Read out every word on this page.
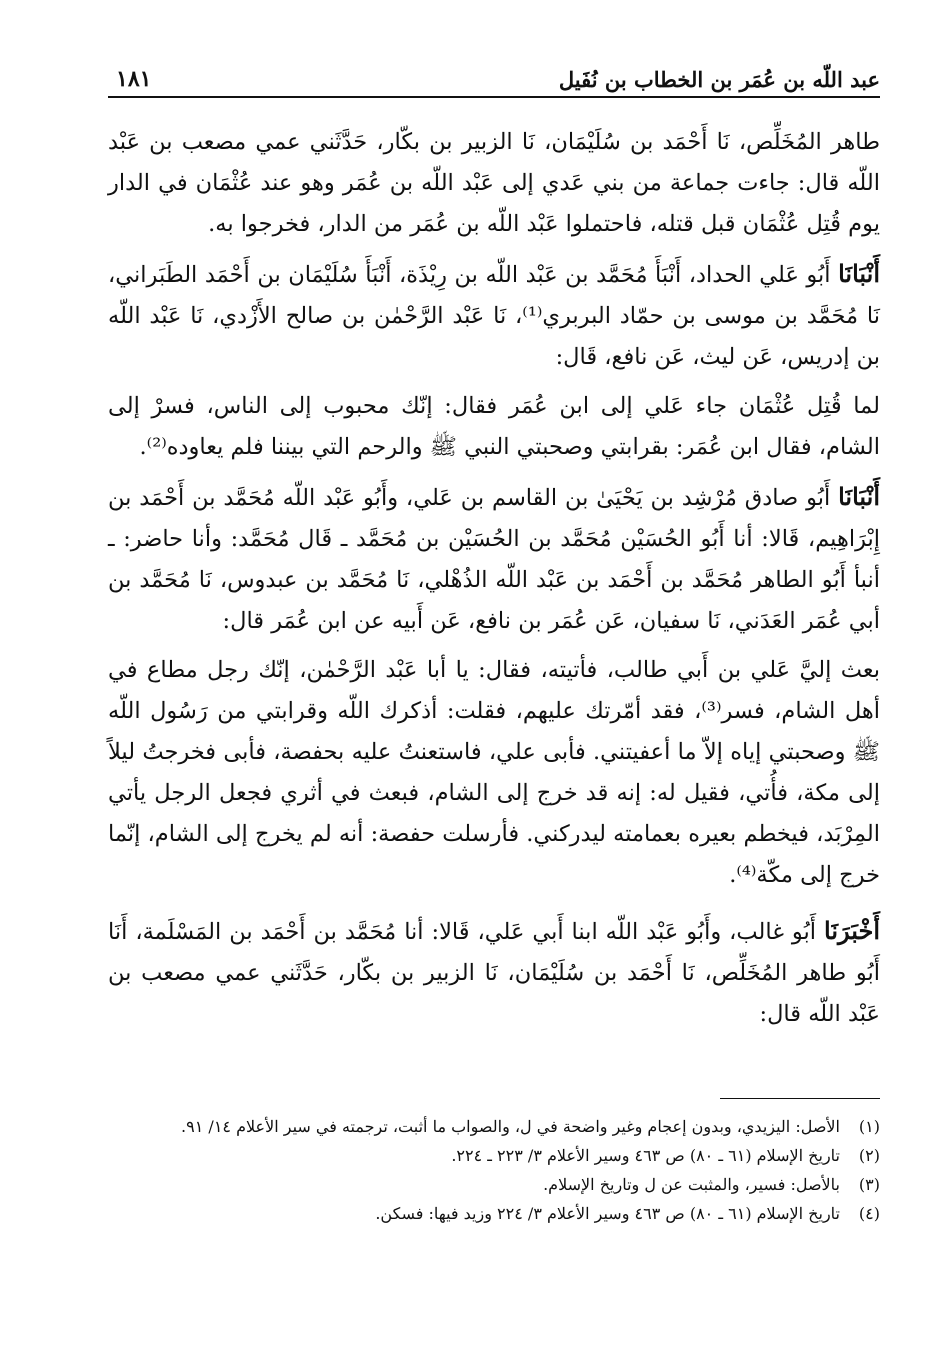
عبد اللّه بن عُمَر بن الخطاب بن نُفَيل
١٨١

طاهر المُخَلِّص، نَا أَحْمَد بن سُلَيْمَان، نَا الزبير بن بكّار، حَدَّثَني عمي مصعب بن عَبْد اللّه قال: جاءت جماعة من بني عَدي إلى عَبْد اللّه بن عُمَر وهو عند عُثْمَان في الدار يوم قُتِل عُثْمَان قبل قتله، فاحتملوا عَبْد اللّه بن عُمَر من الدار، فخرجوا به.

أَنْبَانَا أَبُو عَلي الحداد، أَنْبَأَ مُحَمَّد بن عَبْد اللّه بن رِيْذَة، أَنْبَأَ سُلَيْمَان بن أَحْمَد الطَبَراني، نَا مُحَمَّد بن موسى بن حمّاد البربري⁽¹⁾، نَا عَبْد الرَّحْمٰن بن صالح الأَزْدي، نَا عَبْد اللّه بن إدريس، عَن ليث، عَن نافع، قَال:

لما قُتِل عُثْمَان جاء عَلي إلى ابن عُمَر فقال: إنّك محبوب إلى الناس، فسرْ إلى الشام، فقال ابن عُمَر: بقرابتي وصحبتي النبي ﷺ والرحم التي بيننا فلم يعاوده⁽²⁾.

أَنْبَانَا أَبُو صادق مُرْشِد بن يَحْيَىٰ بن القاسم بن عَلي، وأَبُو عَبْد اللّه مُحَمَّد بن أَحْمَد بن إِبْرَاهِيم، قَالا: أنا أَبُو الحُسَيْن مُحَمَّد بن الحُسَيْن بن مُحَمَّد ـ قَال مُحَمَّد: وأنا حاضر: ـ أنبأ أَبُو الطاهر مُحَمَّد بن أَحْمَد بن عَبْد اللّه الذُهْلي، نَا مُحَمَّد بن عبدوس، نَا مُحَمَّد بن أبي عُمَر العَدَني، نَا سفيان، عَن عُمَر بن نافع، عَن أَبيه عن ابن عُمَر قال:

بعث إليَّ عَلي بن أَبي طالب، فأتيته، فقال: يا أبا عَبْد الرَّحْمٰن، إنّك رجل مطاع في أهل الشام، فسر⁽³⁾، فقد أمّرتك عليهم، فقلت: أذكرك اللّه وقرابتي من رَسُول اللّه ﷺ وصحبتي إياه إلاّ ما أعفيتني. فأبى علي، فاستعنتُ عليه بحفصة، فأبى فخرجتُ ليلاً إلى مكة، فأُتي، فقيل له: إنه قد خرج إلى الشام، فبعث في أثري فجعل الرجل يأتي المِرْبَد، فيخطم بعيره بعمامته ليدركني. فأرسلت حفصة: أنه لم يخرج إلى الشام، إنّما خرج إلى مكّة⁽⁴⁾.

أَخْبَرَنَا أَبُو غالب، وأَبُو عَبْد اللّه ابنا أَبي عَلي، قَالا: أنا مُحَمَّد بن أَحْمَد بن المَسْلَمة، أَنَا أَبُو طاهر المُخَلِّص، نَا أَحْمَد بن سُلَيْمَان، نَا الزبير بن بكّار، حَدَّثَني عمي مصعب بن عَبْد اللّه قال:

(١)
الأصل: اليزيدي، وبدون إعجام وغير واضحة في ل، والصواب ما أثبت، ترجمته في سير الأعلام ١٤/ ٩١.
(٢)
تاريخ الإسلام (٦١ ـ ٨٠) ص ٤٦٣ وسير الأعلام ٣/ ٢٢٣ ـ ٢٢٤.
(٣)
بالأصل: فسير، والمثبت عن ل وتاريخ الإسلام.
(٤)
تاريخ الإسلام (٦١ ـ ٨٠) ص ٤٦٣ وسير الأعلام ٣/ ٢٢٤ وزيد فيها: فسكن.
